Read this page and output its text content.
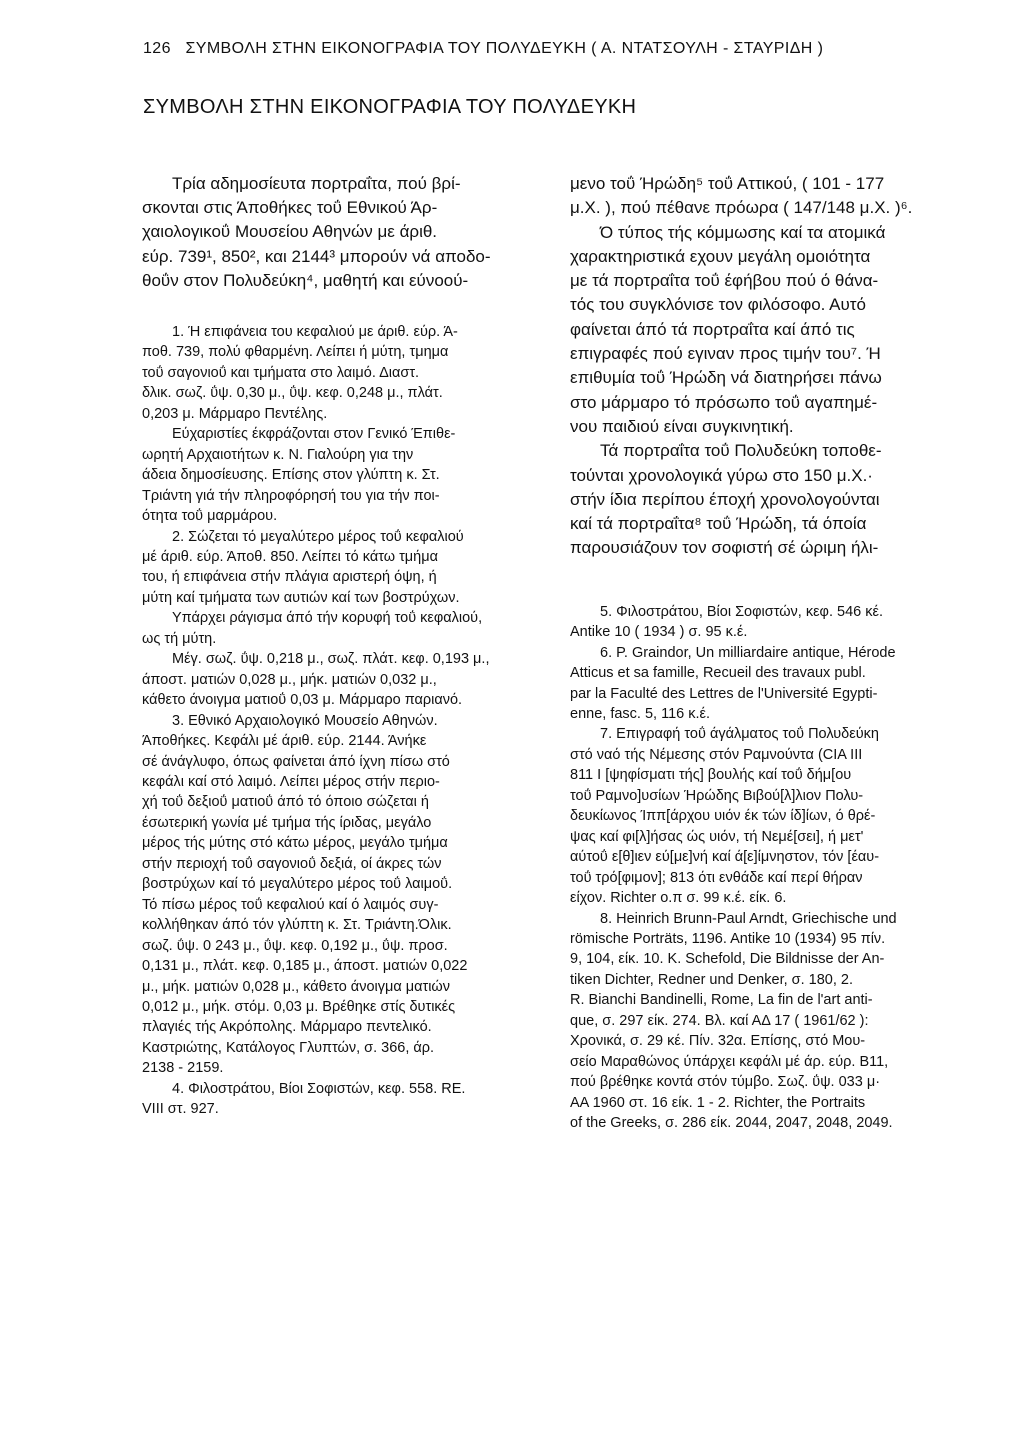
126 ΣΥΜΒΟΛΗ ΣΤΗΝ ΕΙΚΟΝΟΓΡΑΦΙΑ ΤΟΥ ΠΟΛΥΔΕΥΚΗ ( Α. ΝΤΑΤΣΟΥΛΗ - ΣΤΑΥΡΙΔΗ )
ΣΥΜΒΟΛΗ ΣΤΗΝ ΕΙΚΟΝΟΓΡΑΦΙΑ ΤΟΥ ΠΟΛΥΔΕΥΚΗ
Τρία αδημοσίευτα πορτραΐτα, πού βρί-
σκονται στις Άποθήκες τοΰ Εθνικού Άρ-
χαιολογικοΰ Μουσείου Αθηνών με άριθ.
εύρ. 739¹, 850², και 2144³ μπορούν νά αποδο-
θοΰν στον Πολυδεύκη⁴, μαθητή και εύνοού-
1. Ή επιφάνεια του κεφαλιού με άριθ. εύρ. Ά-
ποθ. 739, πολύ φθαρμένη. Λείπει ή μύτη, τμημα
τοΰ σαγονιοΰ και τμήματα στο λαιμό. Διαστ.
δλικ. σωζ. ΰψ. 0,30 μ., ΰψ. κεφ. 0,248 μ., πλάτ.
0,203 μ. Μάρμαρο Πεντέλης.
Εύχαριστίες έκφράζονται στον Γενικό Έπιθε-
ωρητή Αρχαιοτήτων κ. Ν. Γιαλούρη για την
άδεια δημοσίευσης. Επίσης στον γλύπτη κ. Στ.
Τριάντη γιά τήν πληροφόρησή του για τήν ποι-
ότητα τοΰ μαρμάρου.
2. Σώζεται τό μεγαλύτερο μέρος τοΰ κεφαλιού
μέ άριθ. εύρ. Άποθ. 850. Λείπει τό κάτω τμήμα
του, ή επιφάνεια στήν πλάγια αριστερή όψη, ή
μύτη καί τμήματα των αυτιών καί των βοστρύχων.
Υπάρχει ράγισμα άπό τήν κορυφή τοΰ κεφαλιού,
ως τή μύτη.
Μέγ. σωζ. ΰψ. 0,218 μ., σωζ. πλάτ. κεφ. 0,193 μ.,
άποστ. ματιών 0,028 μ., μήκ. ματιών 0,032 μ.,
κάθετο άνοιγμα ματιοΰ 0,03 μ. Μάρμαρο παριανό.
3. Εθνικό Αρχαιολογικό Μουσείο Αθηνών.
Άποθήκες. Κεφάλι μέ άριθ. εύρ. 2144. Άνήκε
σέ άνάγλυφο, όπως φαίνεται άπό ίχνη πίσω στό
κεφάλι καί στό λαιμό. Λείπει μέρος στήν περιο-
χή τοΰ δεξιοΰ ματιοΰ άπό τό όποιο σώζεται ή
έσωτερική γωνία μέ τμήμα τής ίριδας, μεγάλο
μέρος τής μύτης στό κάτω μέρος, μεγάλο τμήμα
στήν περιοχή τοΰ σαγονιοΰ δεξιά, οί άκρες τών
βοστρύχων καί τό μεγαλύτερο μέρος τοΰ λαιμοΰ.
Τό πίσω μέρος τοΰ κεφαλιού καί ό λαιμός συγ-
κολλήθηκαν άπό τόν γλύπτη κ. Στ. Τριάντη.Όλικ.
σωζ. ΰψ. 0 243 μ., ΰψ. κεφ. 0,192 μ., ΰψ. προσ.
0,131 μ., πλάτ. κεφ. 0,185 μ., άποστ. ματιών 0,022
μ., μήκ. ματιών 0,028 μ., κάθετο άνοιγμα ματιών
0,012 μ., μήκ. στόμ. 0,03 μ. Βρέθηκε στίς δυτικές
πλαγιές τής Ακρόπολης. Μάρμαρο πεντελικό.
Καστριώτης, Κατάλογος Γλυπτών, σ. 366, άρ.
2138 - 2159.
4. Φιλοστράτου, Βίοι Σοφιστών, κεφ. 558. RE.
VIII στ. 927.
μενο τοΰ Ήρώδη⁵ τοΰ Αττικού, ( 101 - 177
μ.Χ. ), πού πέθανε πρόωρα ( 147/148 μ.Χ. )⁶.
Ό τύπος τής κόμμωσης καί τα ατομικά
χαρακτηριστικά εχουν μεγάλη ομοιότητα
με τά πορτραΐτα τοΰ έφήβου πού ό θάνα-
τός του συγκλόνισε τον φιλόσοφο. Αυτό
φαίνεται άπό τά πορτραΐτα καί άπό τις
επιγραφές πού εγιναν προς τιμήν του⁷. Ή
επιθυμία τοΰ Ήρώδη νά διατηρήσει πάνω
στο μάρμαρο τό πρόσωπο τοΰ αγαπημέ-
νου παιδιού είναι συγκινητική.
Τά πορτραΐτα τοΰ Πολυδεύκη τοποθε-
τούνται χρονολογικά γύρω στο 150 μ.Χ.·
στήν ίδια περίπου έποχή χρονολογούνται
καί τά πορτραΐτα⁸ τοΰ Ήρώδη, τά όποία
παρουσιάζουν τον σοφιστή σέ ώριμη ήλι-
5. Φιλοστράτου, Βίοι Σοφιστών, κεφ. 546 κέ.
Antike 10 ( 1934 ) σ. 95 κ.έ.
6. P. Graindor, Un milliardaire antique, Hérode
Atticus et sa famille, Recueil des travaux publ.
par la Faculté des Lettres de l'Université Egypti-
enne, fasc. 5, 116 κ.έ.
7. Επιγραφή τοΰ άγάλματος τοΰ Πολυδεύκη
στό ναό τής Νέμεσης στόν Ραμνούντα (CIA III
811 Ι [ψηφίσματι τής] βουλής καί τοΰ δήμ[ου
τοΰ Ραμνο]υσίων Ήρώδης Βιβού[λ]λιον Πολυ-
δευκίωνος Ίππ[άρχου υιόν έκ τών ίδ]ίων, ό θρέ-
ψας καί φι[λ]ήσας ώς υιόν, τή Νεμέ[σει], ή μετ'
αύτοΰ ε[θ]ιεν εύ[με]νή καί ά[ε]ίμνηστον, τόν [έαυ-
τοΰ τρό[φιμον]; 813 ότι ενθάδε καί περί θήραν
είχον. Richter ο.π σ. 99 κ.έ. είκ. 6.
8. Heinrich Brunn-Paul Arndt, Griechische und
römische Porträts, 1196. Antike 10 (1934) 95 πίν.
9, 104, είκ. 10. Κ. Schefold, Die Bildnisse der An-
tiken Dichter, Redner und Denker, σ. 180, 2.
R. Bianchi Bandinelli, Rome, La fin de l'art anti-
que, σ. 297 είκ. 274. Βλ. καί ΑΔ 17 ( 1961/62 ):
Χρονικά, σ. 29 κέ. Πίν. 32α. Επίσης, στό Μου-
σείο Μαραθώνος ύπάρχει κεφάλι μέ άρ. εύρ. Β11,
πού βρέθηκε κοντά στόν τύμβο. Σωζ. ΰψ. 033 μ·
ΑΑ 1960 στ. 16 είκ. 1 - 2. Richter, the Portraits
of the Greeks, σ. 286 είκ. 2044, 2047, 2048, 2049.
